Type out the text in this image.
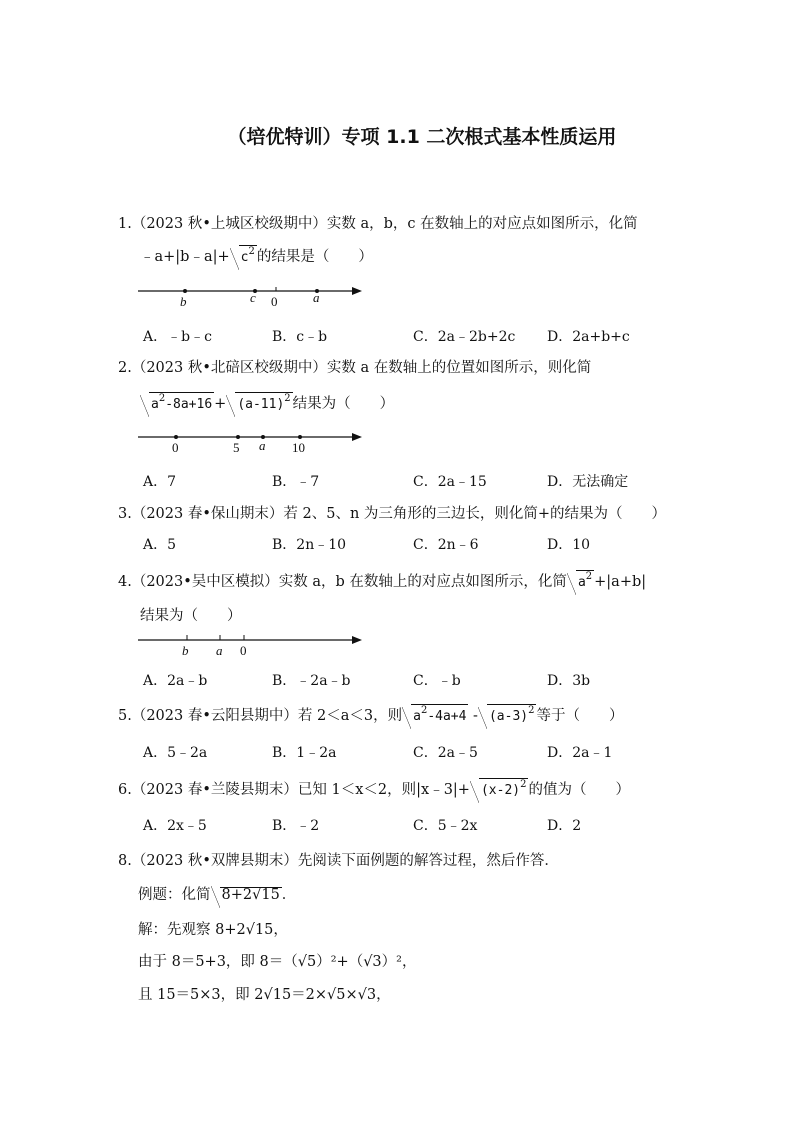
（培优特训）专项 1.1 二次根式基本性质运用
1.（2023 秋•上城区校级期中）实数 a，b，c 在数轴上的对应点如图所示，化简
﹣a+|b﹣a|+ $c^2$ 的结果是（　　）
b	c 0	a
A．﹣b﹣c	B．c﹣b	C．2a﹣2b+2c D．2a+b+c
2.（2023 秋•北碚区校级期中）实数 a 在数轴上的位置如图所示，则化简
$a^2-8a+16 + (a-11)^2$ 结果为（　　）
0	5 a 10
A．7	B．﹣7	C．2a﹣15	D．无法确定
3.（2023 春•保山期末）若 2、5、n 为三角形的三边长，则化简+的结果为（　　）
A．5	B．2n﹣10	C．2n﹣6	D．10
4.（2023•吴中区模拟）实数 a，b 在数轴上的对应点如图所示，化简 $a^2 +|a+b|$
结果为（　　）
b a 0
A．2a﹣b	B．﹣2a﹣b	C．﹣b	D．3b
5.（2023 春•云阳县期中）若 2＜a＜3，则 $a^2-4a+4 - (a-3)^2$ 等于（　　）
A．5﹣2a	B．1﹣2a	C．2a﹣5	D．2a﹣1
6.（2023 春•兰陵县期末）已知 1＜x＜2，则|x﹣3|+ $(x-2)^2$ 的值为（　　）
A．2x﹣5	B．﹣2	C．5﹣2x	D．2
8.（2023 秋•双牌县期末）先阅读下面例题的解答过程，然后作答．
例题：化简 8+2√15 ．
解：先观察 8+2√15，
由于 8＝5+3，即 8＝（√5）²+（√3）²，
且 15＝5×3，即 2√15＝2×√5×√3，
